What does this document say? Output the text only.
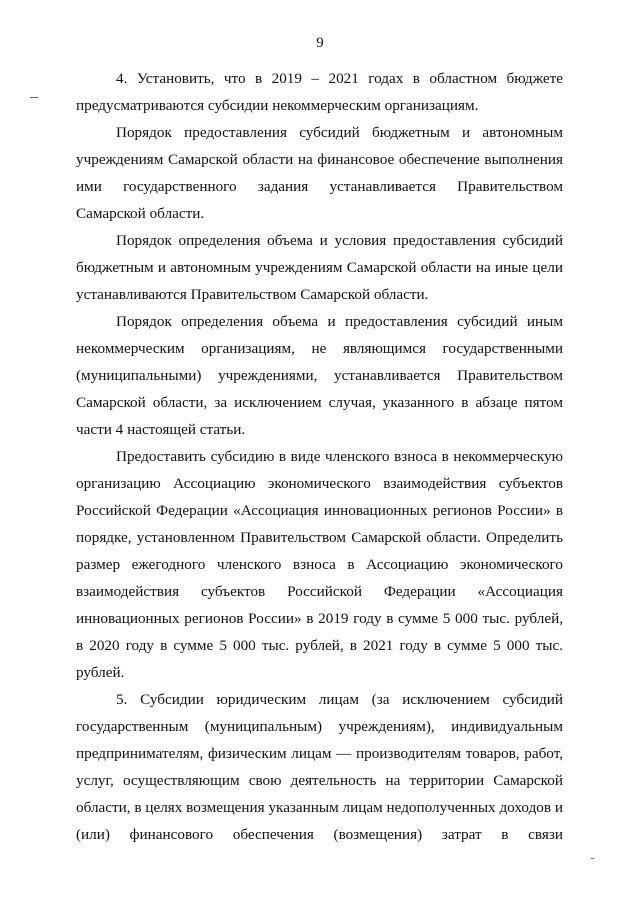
9

4. Установить, что в 2019 – 2021 годах в областном бюджете предусматриваются субсидии некоммерческим организациям.

Порядок предоставления субсидий бюджетным и автономным учреждениям Самарской области на финансовое обеспечение выполнения ими государственного задания устанавливается Правительством Самарской области.

Порядок определения объема и условия предоставления субсидий бюджетным и автономным учреждениям Самарской области на иные цели устанавливаются Правительством Самарской области.

Порядок определения объема и предоставления субсидий иным некоммерческим организациям, не являющимся государственными (муниципальными) учреждениями, устанавливается Правительством Самарской области, за исключением случая, указанного в абзаце пятом части 4 настоящей статьи.

Предоставить субсидию в виде членского взноса в некоммерческую организацию Ассоциацию экономического взаимодействия субъектов Российской Федерации «Ассоциация инновационных регионов России» в порядке, установленном Правительством Самарской области. Определить размер ежегодного членского взноса в Ассоциацию экономического взаимодействия субъектов Российской Федерации «Ассоциация инновационных регионов России» в 2019 году в сумме 5 000 тыс. рублей, в 2020 году в сумме 5 000 тыс. рублей, в 2021 году в сумме 5 000 тыс. рублей.

5. Субсидии юридическим лицам (за исключением субсидий государственным (муниципальным) учреждениям), индивидуальным предпринимателям, физическим лицам — производителям товаров, работ, услуг, осуществляющим свою деятельность на территории Самарской области, в целях возмещения указанным лицам недополученных доходов и (или) финансового обеспечения (возмещения) затрат в связи
